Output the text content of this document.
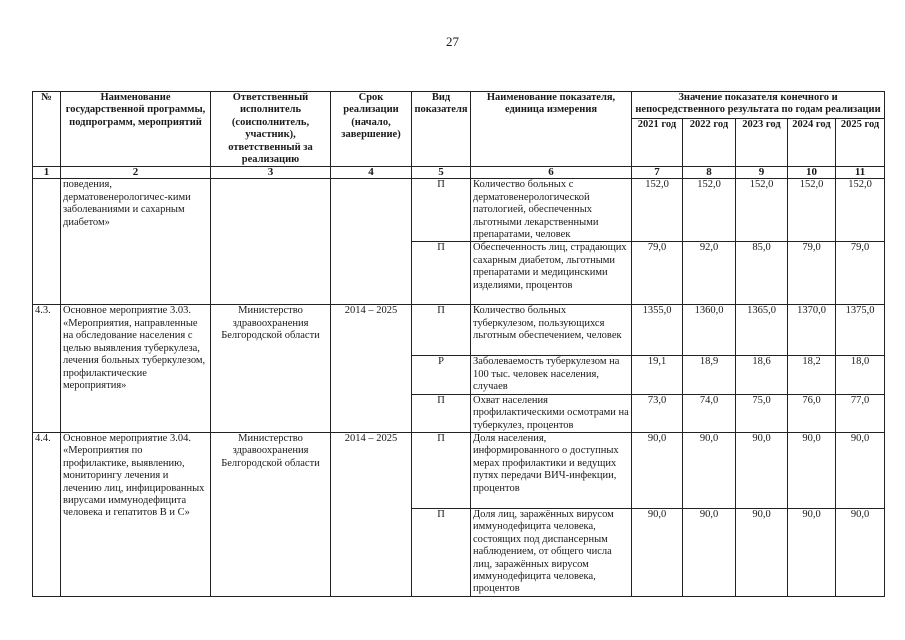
27
№	Наименование государственной программы, подпрограмм, мероприятий	Ответственный исполнитель (соисполнитель, участник), ответственный за реализацию	Срок реализации (начало, завершение)	Вид показателя	Наименование показателя, единица измерения	Значение показателя конечного и непосредственного результата по годам реализации				
						2021 год	2022 год	2023 год	2024 год	2025 год
1	2	3	4	5	6	7	8	9	10	11
	поведения, дерматовенерологичес-кими заболеваниями и сахарным диабетом»			П	Количество больных с дерматовенерологической патологией, обеспеченных льготными лекарственными препаратами, человек	152,0	152,0	152,0	152,0	152,0
				П	Обеспеченность лиц, страдающих сахарным диабетом, льготными препаратами и медицинскими изделиями, процентов	79,0	92,0	85,0	79,0	79,0
4.3.	Основное мероприятие 3.03. «Мероприятия, направленные на обследование населения с целью выявления туберкулеза, лечения больных туберкулезом, профилактические мероприятия»	Министерство здравоохранения Белгородской области	2014 – 2025	П	Количество больных туберкулезом, пользующихся льготным обеспечением, человек	1355,0	1360,0	1365,0	1370,0	1375,0
				Р	Заболеваемость туберкулезом на 100 тыс. человек населения, случаев	19,1	18,9	18,6	18,2	18,0
				П	Охват населения профилактическими осмотрами на туберкулез, процентов	73,0	74,0	75,0	76,0	77,0
4.4.	Основное мероприятие 3.04. «Мероприятия по профилактике, выявлению, мониторингу лечения и лечению лиц, инфицированных вирусами иммунодефицита человека и гепатитов В и С»	Министерство здравоохранения Белгородской области	2014 – 2025	П	Доля населения, информированного о доступных мерах профилактики и ведущих путях передачи ВИЧ-инфекции, процентов	90,0	90,0	90,0	90,0	90,0
				П	Доля лиц, заражённых вирусом иммунодефицита человека, состоящих под диспансерным наблюдением, от общего числа лиц, заражённых вирусом иммунодефицита человека, процентов	90,0	90,0	90,0	90,0	90,0
